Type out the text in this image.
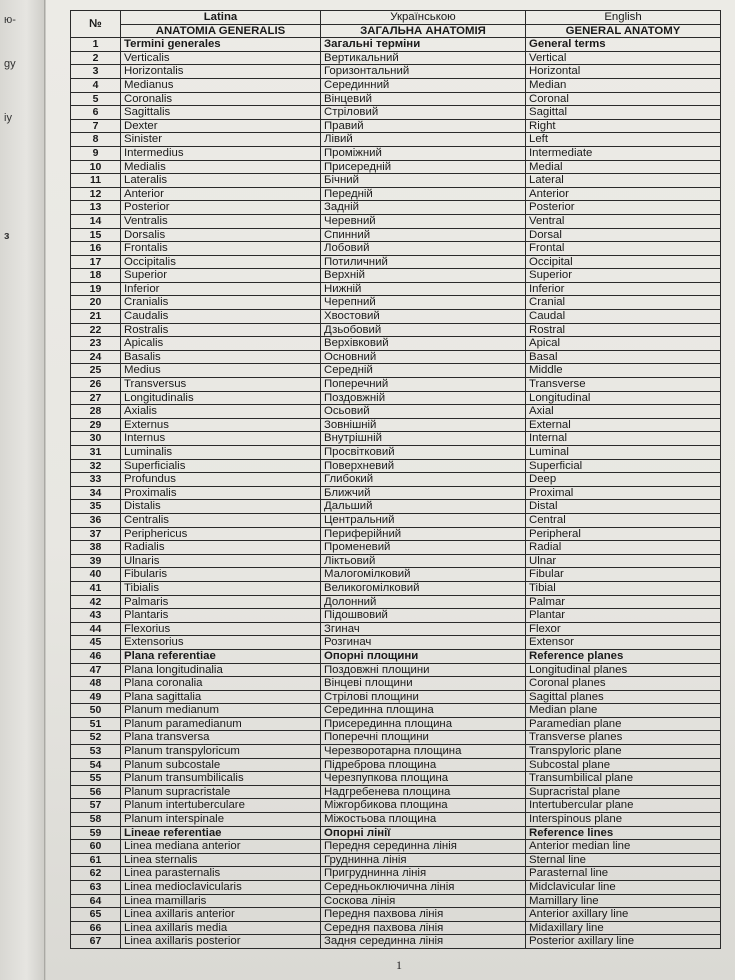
ю-
gy
iy
з
№	Latina	Українською	English
	ANATOMIA GENERALIS	ЗАГАЛЬНА АНАТОМІЯ	GENERAL ANATOMY
1	Termini generales	Загальні терміни	General terms
2	Verticalis	Вертикальний	Vertical
3	Horizontalis	Горизонтальний	Horizontal
4	Medianus	Серединний	Median
5	Coronalis	Вінцевий	Coronal
6	Sagittalis	Стріловий	Sagittal
7	Dexter	Правий	Right
8	Sinister	Лівий	Left
9	Intermedius	Проміжний	Intermediate
10	Medialis	Присередній	Medial
11	Lateralis	Бічний	Lateral
12	Anterior	Передній	Anterior
13	Posterior	Задній	Posterior
14	Ventralis	Черевний	Ventral
15	Dorsalis	Спинний	Dorsal
16	Frontalis	Лобовий	Frontal
17	Occipitalis	Потиличний	Occipital
18	Superior	Верхній	Superior
19	Inferior	Нижній	Inferior
20	Cranialis	Черепний	Cranial
21	Caudalis	Хвостовий	Caudal
22	Rostralis	Дзьобовий	Rostral
23	Apicalis	Верхівковий	Apical
24	Basalis	Основний	Basal
25	Medius	Середній	Middle
26	Transversus	Поперечний	Transverse
27	Longitudinalis	Поздовжній	Longitudinal
28	Axialis	Осьовий	Axial
29	Externus	Зовнішній	External
30	Internus	Внутрішній	Internal
31	Luminalis	Просвітковий	Luminal
32	Superficialis	Поверхневий	Superficial
33	Profundus	Глибокий	Deep
34	Proximalis	Ближчий	Proximal
35	Distalis	Дальший	Distal
36	Centralis	Центральний	Central
37	Periphericus	Периферійний	Peripheral
38	Radialis	Променевий	Radial
39	Ulnaris	Ліктьовий	Ulnar
40	Fibularis	Малогомілковий	Fibular
41	Tibialis	Великогомілковий	Tibial
42	Palmaris	Долонний	Palmar
43	Plantaris	Підошвовий	Plantar
44	Flexorius	Згинач	Flexor
45	Extensorius	Розгинач	Extensor
46	Plana referentiae	Опорні площини	Reference planes
47	Plana longitudinalia	Поздовжні площини	Longitudinal planes
48	Plana coronalia	Вінцеві площини	Coronal planes
49	Plana sagittalia	Стрілові площини	Sagittal planes
50	Planum medianum	Серединна площина	Median plane
51	Planum paramedianum	Присерединна площина	Paramedian plane
52	Plana transversa	Поперечні площини	Transverse planes
53	Planum transpyloricum	Черезвоpотарна площина	Transpyloric plane
54	Planum subcostale	Підреброва площина	Subcostal plane
55	Planum transumbilicalis	Черезпупкова площина	Transumbilical plane
56	Planum supracristale	Надгребенева площина	Supracristal plane
57	Planum intertuberculare	Міжгорбикова площина	Intertubercular plane
58	Planum interspinale	Міжостьова площина	Interspinous plane
59	Lineae referentiae	Опорні лінії	Reference lines
60	Linea mediana anterior	Передня серединна лінія	Anterior median line
61	Linea sternalis	Груднинна лінія	Sternal line
62	Linea parasternalis	Пригруднинна лінія	Parasternal line
63	Linea medioclavicularis	Середньоключична лінія	Midclavicular line
64	Linea mamillaris	Соскова лінія	Mamillary line
65	Linea axillaris anterior	Передня пахвова лінія	Anterior axillary line
66	Linea axillaris media	Середня пахвова лінія	Midaxillary line
67	Linea axillaris posterior	Задня серединна лінія	Posterior axillary line
1
